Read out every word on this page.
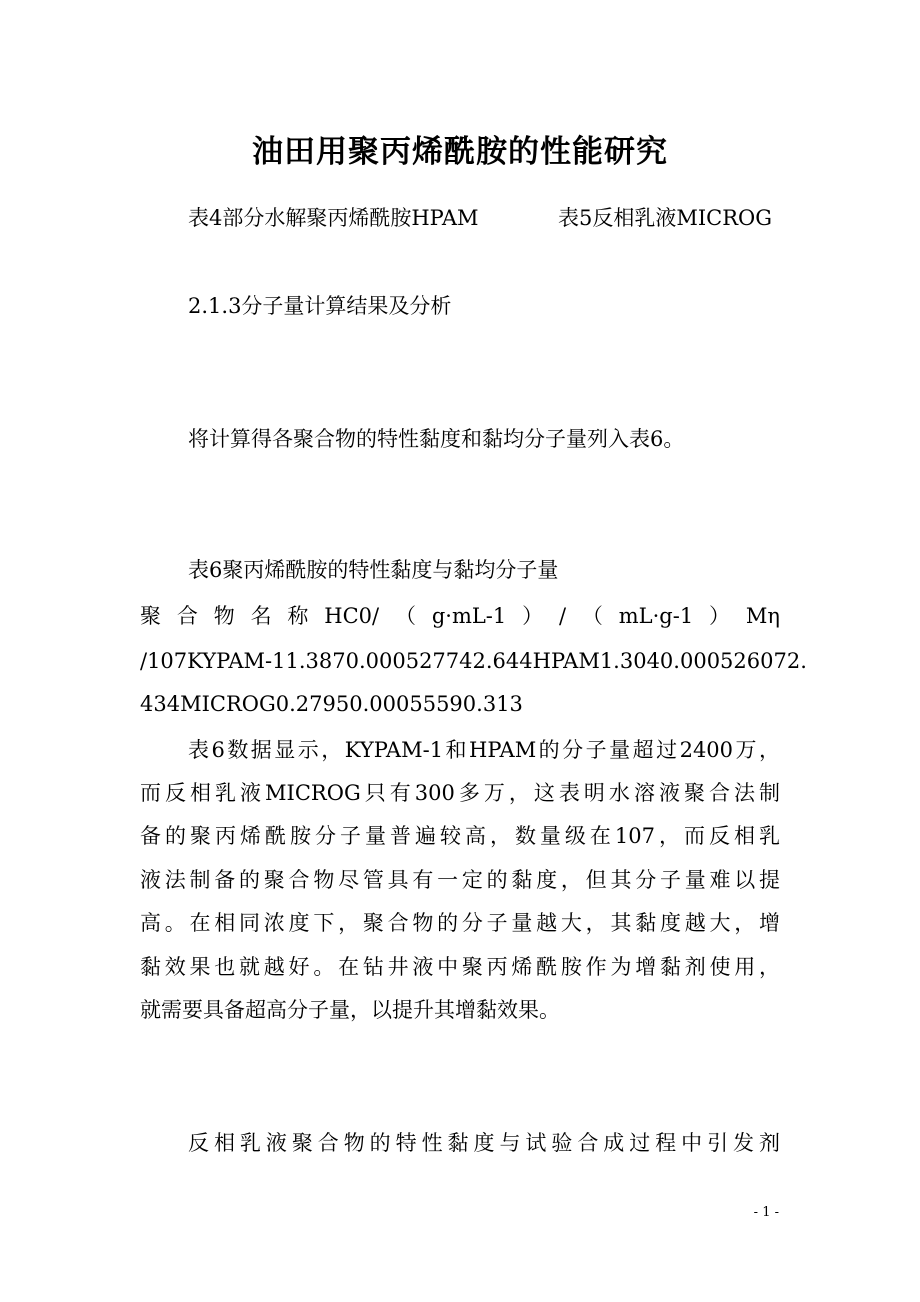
油田用聚丙烯酰胺的性能研究
表4部分水解聚丙烯酰胺HPAM	表5反相乳液MICROG
2.1.3分子量计算结果及分析
将计算得各聚合物的特性黏度和黏均分子量列入表6。
表6聚丙烯酰胺的特性黏度与黏均分子量
聚合物名称HC0/（g·mL-1）/（mL·g-1）Mη
/107KYPAM-11.3870.000527742.644HPAM1.3040.000526072.
434MICROG0.27950.00055590.313
表6数据显示，KYPAM-1和HPAM的分子量超过2400万，
而反相乳液MICROG只有300多万，这表明水溶液聚合法制
备的聚丙烯酰胺分子量普遍较高，数量级在107，而反相乳
液法制备的聚合物尽管具有一定的黏度，但其分子量难以提
高。在相同浓度下，聚合物的分子量越大，其黏度越大，增
黏效果也就越好。在钻井液中聚丙烯酰胺作为增黏剂使用，
就需要具备超高分子量，以提升其增黏效果。
反相乳液聚合物的特性黏度与试验合成过程中引发剂
- 1 -
